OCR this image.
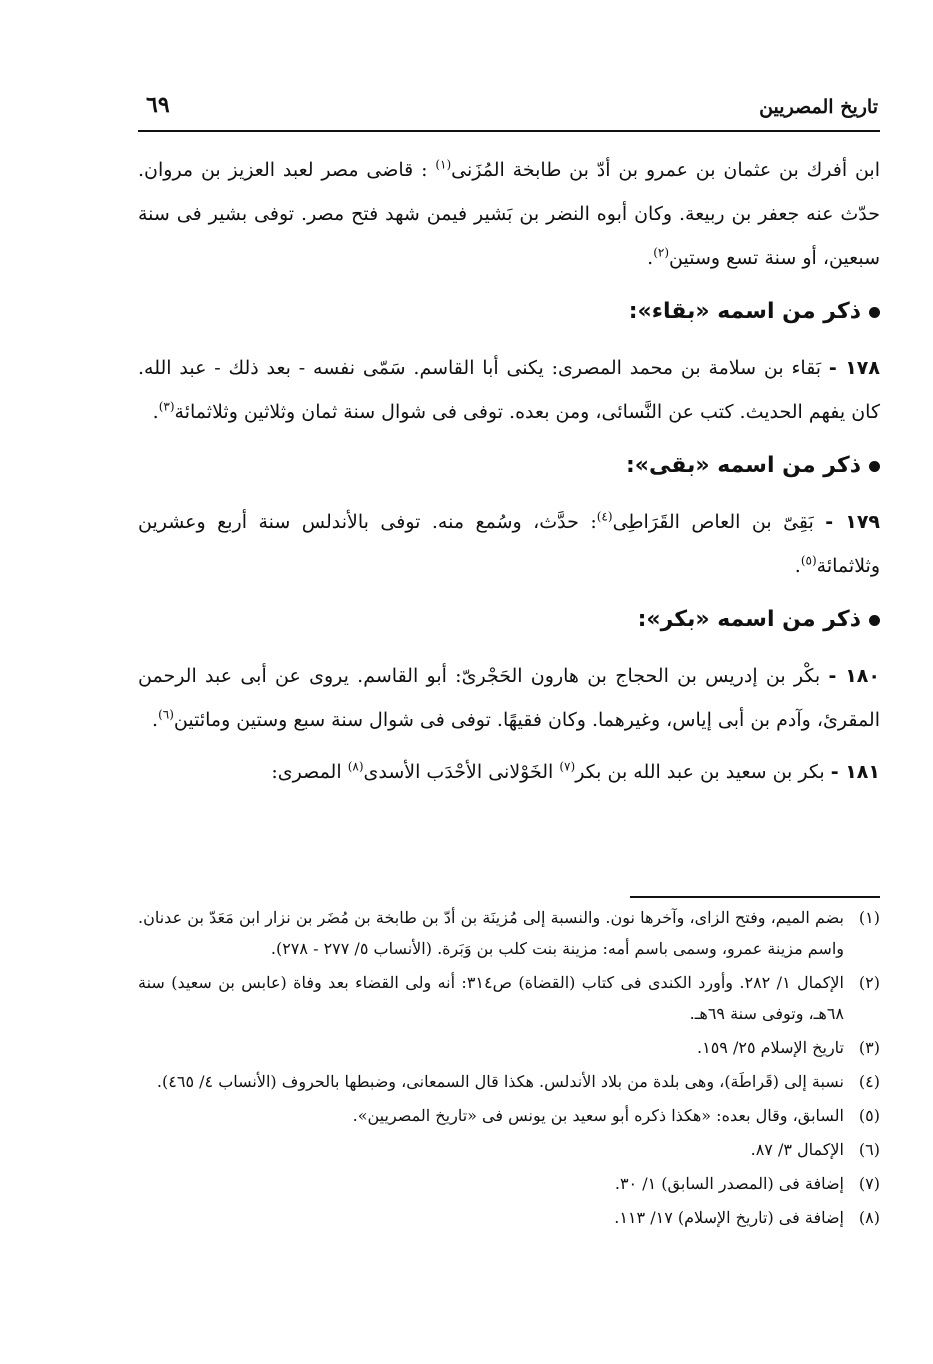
تاريخ المصريين
٦٩

ابن أفرك بن عثمان بن عمرو بن أدّ بن طابخة المُزَنى$^{(١)}$ : قاضى مصر لعبد العزيز بن مروان. حدّث عنه جعفر بن ربيعة. وكان أبوه النضر بن بَشير فيمن شهد فتح مصر. توفى بشير فى سنة سبعين، أو سنة تسع وستين$^{(٢)}$.

ذكر من اسمه «بقاء»:

١٧٨ - بَقاء بن سلامة بن محمد المصرى: يكنى أبا القاسم. سَمّى نفسه - بعد ذلك - عبد الله. كان يفهم الحديث. كتب عن النَّسائى، ومن بعده. توفى فى شوال سنة ثمان وثلاثين وثلاثمائة$^{(٣)}$.

ذكر من اسمه «بقى»:

١٧٩ - بَقِىّ بن العاص القَرَاطِى$^{(٤)}$: حدَّث، وسُمع منه. توفى بالأندلس سنة أربع وعشرين وثلاثمائة$^{(٥)}$.

ذكر من اسمه «بكر»:

١٨٠ - بكْر بن إدريس بن الحجاج بن هارون الحَجْرىّ: أبو القاسم. يروى عن أبى عبد الرحمن المقرئ، وآدم بن أبى إياس، وغيرهما. وكان فقيهًا. توفى فى شوال سنة سبع وستين ومائتين$^{(٦)}$.

١٨١ - بكر بن سعيد بن عبد الله بن بكر$^{(٧)}$ الخَوْلانى الأحْدَب الأسدى$^{(٨)}$ المصرى:

(١)
بضم الميم، وفتح الزاى، وآخرها نون. والنسبة إلى مُزينَة بن أدّ بن طابخة بن مُضَر بن نزار ابن مَعَدّ بن عدنان. واسم مزينة عمرو، وسمى باسم أمه: مزينة بنت كلب بن وَبَرة. (الأنساب ٥/ ٢٧٧ - ٢٧٨).

(٢)
الإكمال ١/ ٢٨٢. وأورد الكندى فى كتاب (القضاة) ص٣١٤: أنه ولى القضاء بعد وفاة (عابس بن سعيد) سنة ٦٨هـ، وتوفى سنة ٦٩هـ.

(٣)
تاريخ الإسلام ٢٥/ ١٥٩.

(٤)
نسبة إلى (قَراطَة)، وهى بلدة من بلاد الأندلس. هكذا قال السمعانى، وضبطها بالحروف (الأنساب ٤/ ٤٦٥).

(٥)
السابق، وقال بعده: «هكذا ذكره أبو سعيد بن يونس فى «تاريخ المصريين».

(٦)
الإكمال ٣/ ٨٧.

(٧)
إضافة فى (المصدر السابق) ١/ ٣٠.

(٨)
إضافة فى (تاريخ الإسلام) ١٧/ ١١٣.
